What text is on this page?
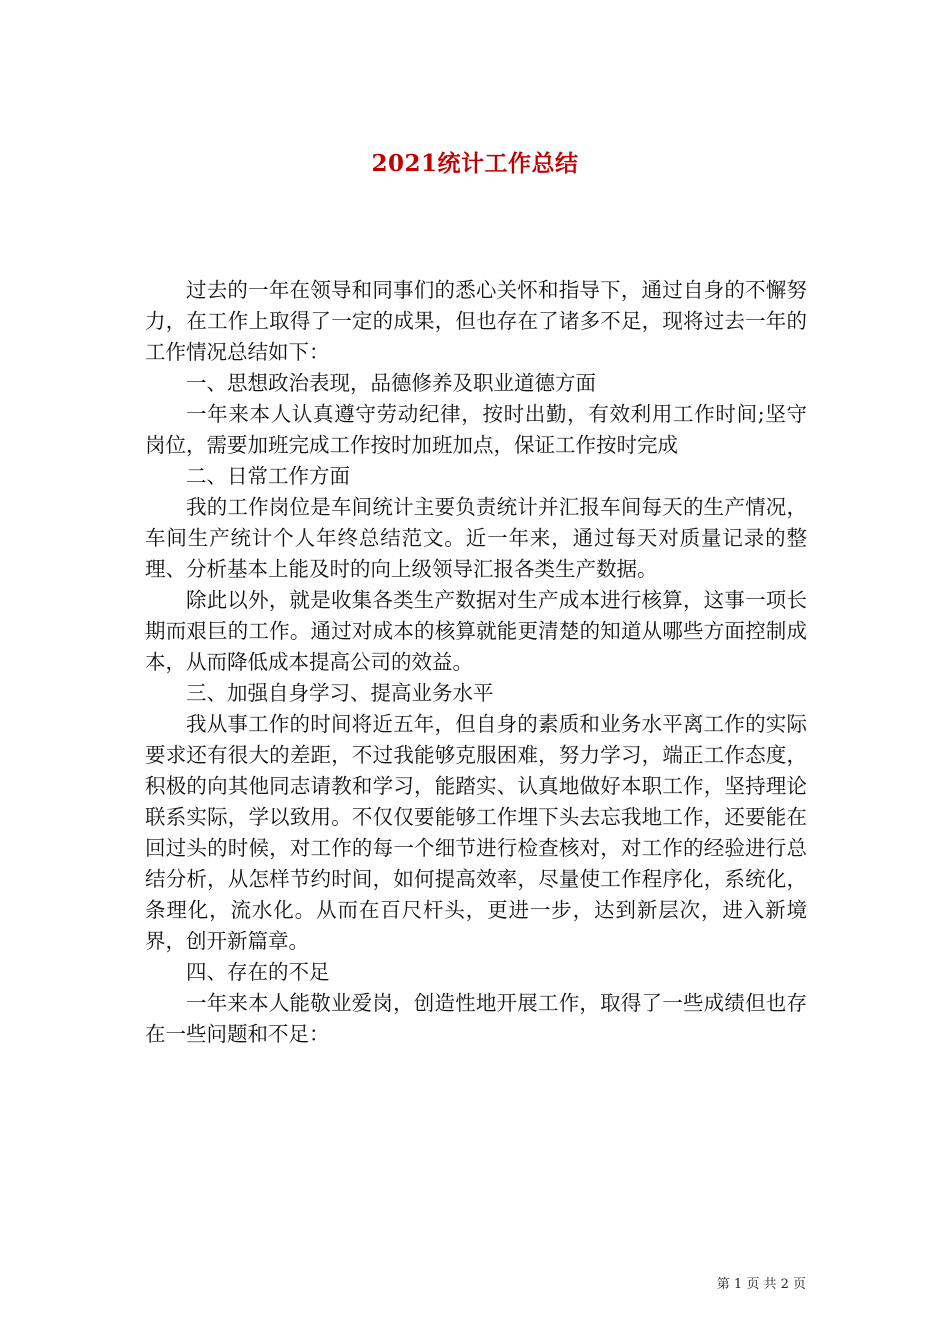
2021统计工作总结

过去的一年在领导和同事们的悉心关怀和指导下，通过自身的不懈努力，在工作上取得了一定的成果，但也存在了诸多不足，现将过去一年的工作情况总结如下：

一、思想政治表现，品德修养及职业道德方面

一年来本人认真遵守劳动纪律，按时出勤，有效利用工作时间;坚守岗位，需要加班完成工作按时加班加点，保证工作按时完成

二、日常工作方面

我的工作岗位是车间统计主要负责统计并汇报车间每天的生产情况，车间生产统计个人年终总结范文。近一年来，通过每天对质量记录的整理、分析基本上能及时的向上级领导汇报各类生产数据。

除此以外，就是收集各类生产数据对生产成本进行核算，这事一项长期而艰巨的工作。通过对成本的核算就能更清楚的知道从哪些方面控制成本，从而降低成本提高公司的效益。

三、加强自身学习、提高业务水平

我从事工作的时间将近五年，但自身的素质和业务水平离工作的实际要求还有很大的差距，不过我能够克服困难，努力学习，端正工作态度，积极的向其他同志请教和学习，能踏实、认真地做好本职工作，坚持理论联系实际，学以致用。不仅仅要能够工作埋下头去忘我地工作，还要能在回过头的时候，对工作的每一个细节进行检查核对，对工作的经验进行总结分析，从怎样节约时间，如何提高效率，尽量使工作程序化，系统化，条理化，流水化。从而在百尺杆头，更进一步，达到新层次，进入新境界，创开新篇章。

四、存在的不足

一年来本人能敬业爱岗，创造性地开展工作，取得了一些成绩但也存在一些问题和不足：

第 1 页 共 2 页
